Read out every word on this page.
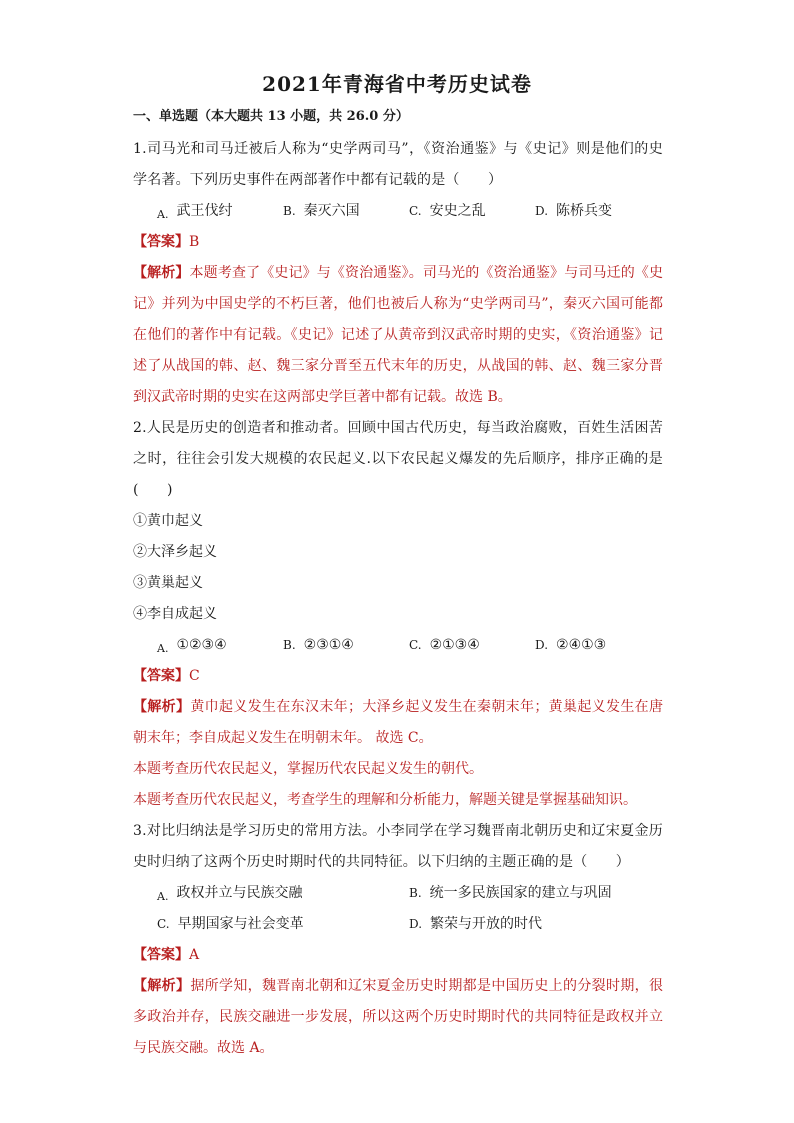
2021年青海省中考历史试卷
一、单选题（本大题共 13 小题，共 26.0 分）

1.司马光和司马迁被后人称为“史学两司马”，《资治通鉴》与《史记》则是他们的史学名著。下列历史事件在两部著作中都有记载的是（　　）

$_{A.}$ 武王伐纣	B. 秦灭六国	C. 安史之乱	D. 陈桥兵变

【答案】B

【解析】本题考查了《史记》与《资治通鉴》。司马光的《资治通鉴》与司马迁的《史记》并列为中国史学的不朽巨著，他们也被后人称为“史学两司马”，秦灭六国可能都在他们的著作中有记载。《史记》记述了从黄帝到汉武帝时期的史实，《资治通鉴》记述了从战国的韩、赵、魏三家分晋至五代末年的历史，从战国的韩、赵、魏三家分晋到汉武帝时期的史实在这两部史学巨著中都有记载。故选 B。

2.人民是历史的创造者和推动者。回顾中国古代历史，每当政治腐败，百姓生活困苦之时，往往会引发大规模的农民起义.以下农民起义爆发的先后顺序，排序正确的是(　　)

①黄巾起义

②大泽乡起义

③黄巢起义

④李自成起义

$_{A.}$ ①②③④	B. ②③①④	C. ②①③④	D. ②④①③

【答案】C

【解析】黄巾起义发生在东汉末年；大泽乡起义发生在秦朝末年；黄巢起义发生在唐朝末年；李自成起义发生在明朝末年。 故选 C。

本题考查历代农民起义，掌握历代农民起义发生的朝代。

本题考查历代农民起义，考查学生的理解和分析能力，解题关键是掌握基础知识。

3.对比归纳法是学习历史的常用方法。小李同学在学习魏晋南北朝历史和辽宋夏金历史时归纳了这两个历史时期时代的共同特征。以下归纳的主题正确的是（　　）

$_{A.}$ 政权并立与民族交融	B. 统一多民族国家的建立与巩固
C. 早期国家与社会变革	D. 繁荣与开放的时代

【答案】A

【解析】据所学知，魏晋南北朝和辽宋夏金历史时期都是中国历史上的分裂时期，很多政治并存，民族交融进一步发展，所以这两个历史时期时代的共同特征是政权并立与民族交融。故选 A。
